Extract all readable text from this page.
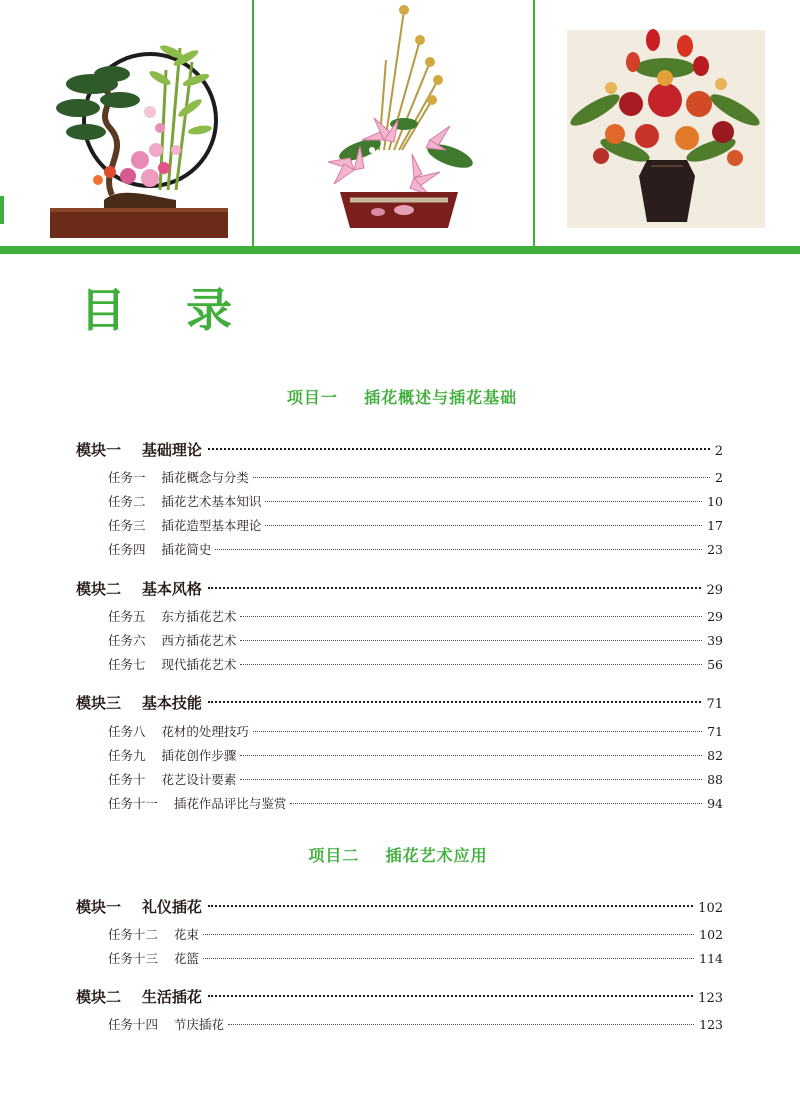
目 录
项目一    插花概述与插花基础
模块一    基础理论	2
任务一    插花概念与分类	2
任务二    插花艺术基本知识	10
任务三    插花造型基本理论	17
任务四    插花简史	23
模块二    基本风格	29
任务五    东方插花艺术	29
任务六    西方插花艺术	39
任务七    现代插花艺术	56
模块三    基本技能	71
任务八    花材的处理技巧	71
任务九    插花创作步骤	82
任务十    花艺设计要素	88
任务十一    插花作品评比与鉴赏	94
项目二    插花艺术应用
模块一    礼仪插花	102
任务十二    花束	102
任务十三    花篮	114
模块二    生活插花	123
任务十四    节庆插花	123
